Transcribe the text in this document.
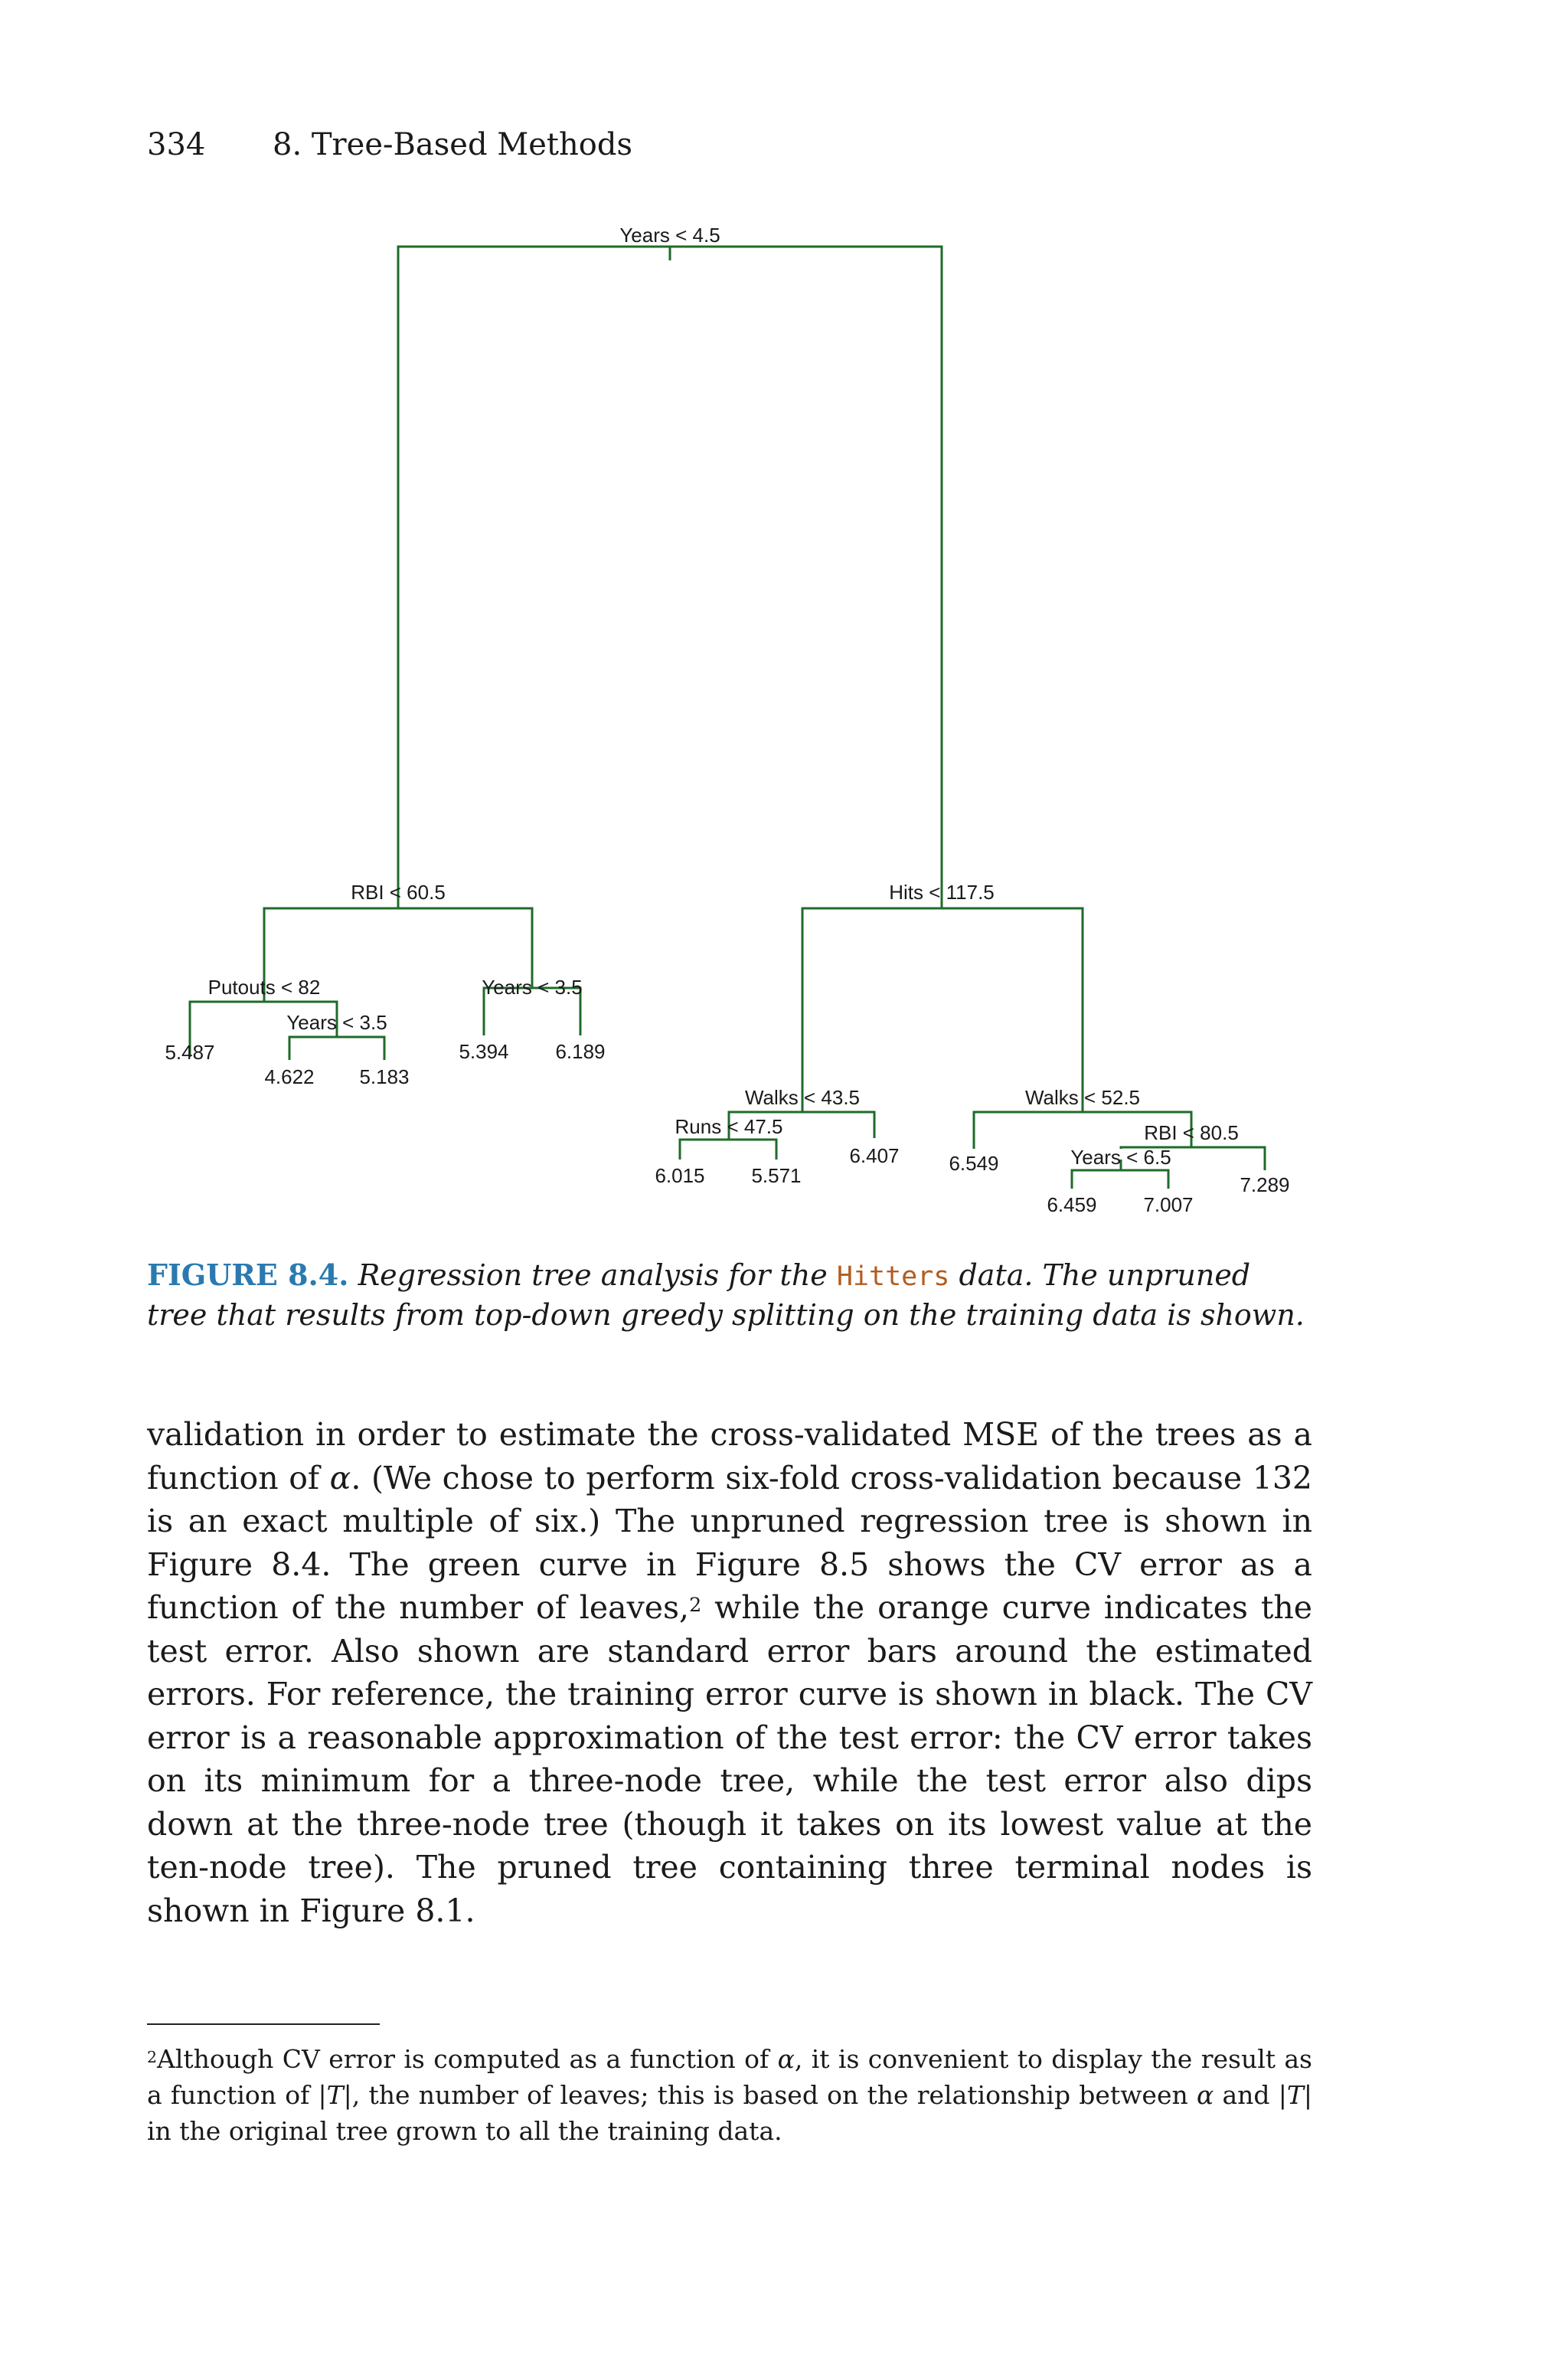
334 8. Tree-Based Methods
Years < 4.5
RBI < 60.5	Hits < 117.5
Putouts < 82
Years < 3.5
Years < 3.5
Walks < 43.5	Walks < 52.5
Runs < 47.5	RBI < 80.5
Years < 6.5
5.487
4.622 5.183
5.394 6.189
6.015 5.571
6.407 6.549
6.459 7.007
7.289
FIGURE 8.4. Regression tree analysis for the Hitters data. The unpruned tree that results from top-down greedy splitting on the training data is shown.
validation in order to estimate the cross-validated MSE of the trees as a function of α. (We chose to perform six-fold cross-validation because 132 is an exact multiple of six.) The unpruned regression tree is shown in Figure 8.4. The green curve in Figure 8.5 shows the CV error as a function of the number of leaves,$^2$ while the orange curve indicates the test error. Also shown are standard error bars around the estimated errors. For reference, the training error curve is shown in black. The CV error is a reasonable approximation of the test error: the CV error takes on its minimum for a three-node tree, while the test error also dips down at the three-node tree (though it takes on its lowest value at the ten-node tree). The pruned tree containing three terminal nodes is shown in Figure 8.1.
$^2$Although CV error is computed as a function of α, it is convenient to display the result as a function of |T|, the number of leaves; this is based on the relationship between α and |T| in the original tree grown to all the training data.
